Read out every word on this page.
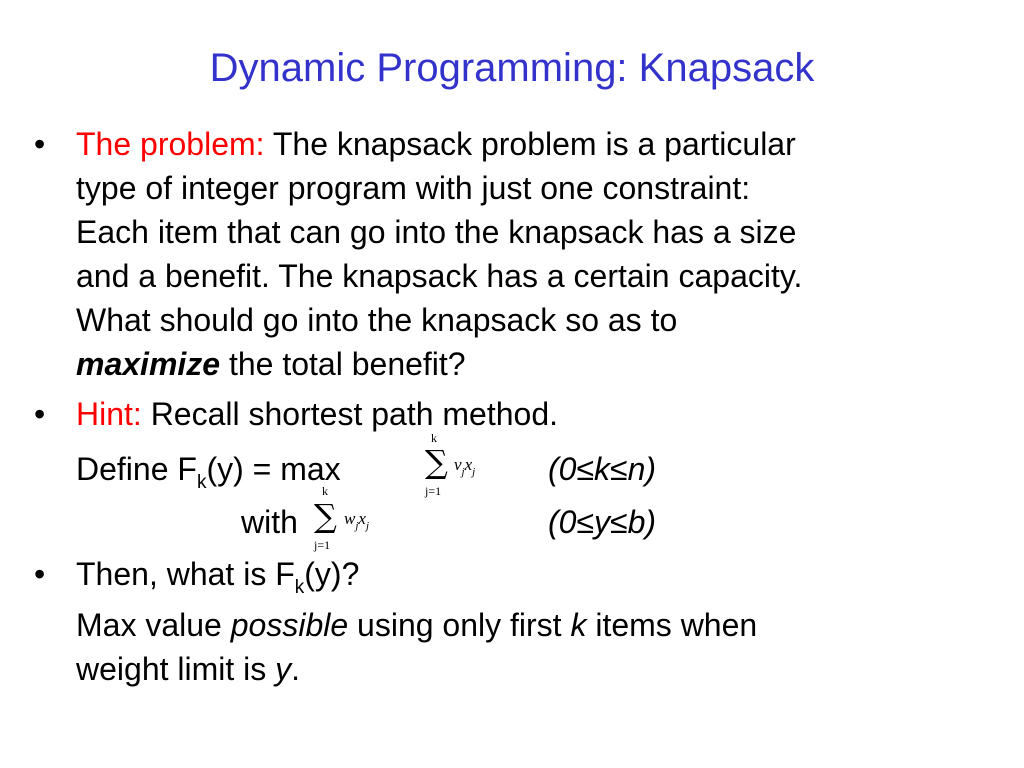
Dynamic Programming: Knapsack
• The problem: The knapsack problem is a particular
type of integer program with just one constraint:
Each item that can go into the knapsack has a size
and a benefit. The knapsack has a certain capacity.
What should go into the knapsack so as to
maximize the total benefit?
• Hint: Recall shortest path method.
Define $F_k(y) = \max$
k
∑
j=1
$v_jx_j$ (0≤k≤n)
with
k
∑
j=1
$w_jx_j$	(0≤y≤b)
• Then, what is $F_k(y)$?
Max value possible using only first k items when
weight limit is y.
